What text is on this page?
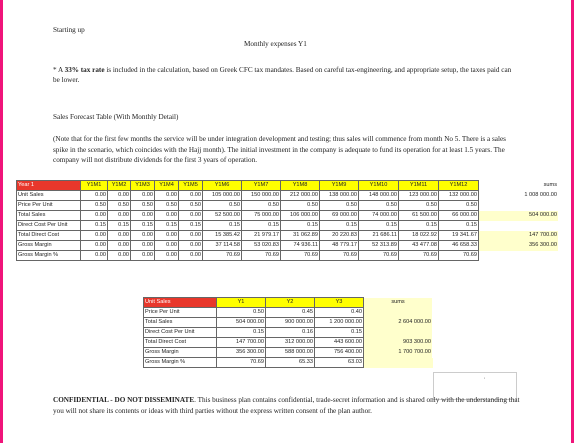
Starting up
Monthly expenses Y1
* A 33% tax rate is included in the calculation, based on Greek CFC tax mandates. Based on careful tax-engineering, and appropriate setup, the taxes paid can be lower.
Sales Forecast Table (With Monthly Detail)
(Note that for the first few months the service will be under integration development and testing; thus sales will commence from month No 5. There is a sales spike in the scenario, which coincides with the Hajj month). The initial investment in the company is adequate to fund its operation for at least 1.5 years. The company will not distribute dividends for the first 3 years of operation.
Year 1	Y1M1	Y1M2	Y1M3	Y1M4	Y1M5	Y1M6	Y1M7	Y1M8	Y1M9	Y1M10	Y1M11	Y1M12	sums
Unit Sales	0.00	0.00	0.00	0.00	0.00	105 000.00	150 000.00	212 000.00	138 000.00	148 000.00	123 000.00	132 000.00	1 008 000.00
Price Per Unit	0.50	0.50	0.50	0.50	0.50	0.50	0.50	0.50	0.50	0.50	0.50	0.50	
Total Sales	0.00	0.00	0.00	0.00	0.00	52 500.00	75 000.00	106 000.00	69 000.00	74 000.00	61 500.00	66 000.00	504 000.00
Direct Cost Per Unit	0.15	0.15	0.15	0.15	0.15	0.15	0.15	0.15	0.15	0.15	0.15	0.15	
Total Direct Cost	0.00	0.00	0.00	0.00	0.00	15 385.42	21 979.17	31 062.89	20 220.83	21 686.11	18 022.92	19 341.67	147 700.00
Gross Margin	0.00	0.00	0.00	0.00	0.00	37 114.58	53 020.83	74 936.11	48 779.17	52 313.89	43 477.08	46 658.33	356 300.00
Gross Margin %	0.00	0.00	0.00	0.00	0.00	70.69	70.69	70.69	70.69	70.69	70.69	70.69	
Unit Sales	Y1	Y2	Y3	sums
Price Per Unit	0.50	0.45	0.40	
Total Sales	504 000.00	900 000.00	1 200 000.00	2 604 000.00
Direct Cost Per Unit	0.15	0.16	0.15	
Total Direct Cost	147 700.00	312 000.00	443 600.00	903 300.00
Gross Margin	356 300.00	588 000.00	756 400.00	1 700 700.00
Gross Margin %	70.69	65.33	63.03	
'
CONFIDENTIAL - DO NOT DISSEMINATE. This business plan contains confidential, trade-secret information and is shared only with the understanding that you will not share its contents or ideas with third parties without the express written consent of the plan author.
